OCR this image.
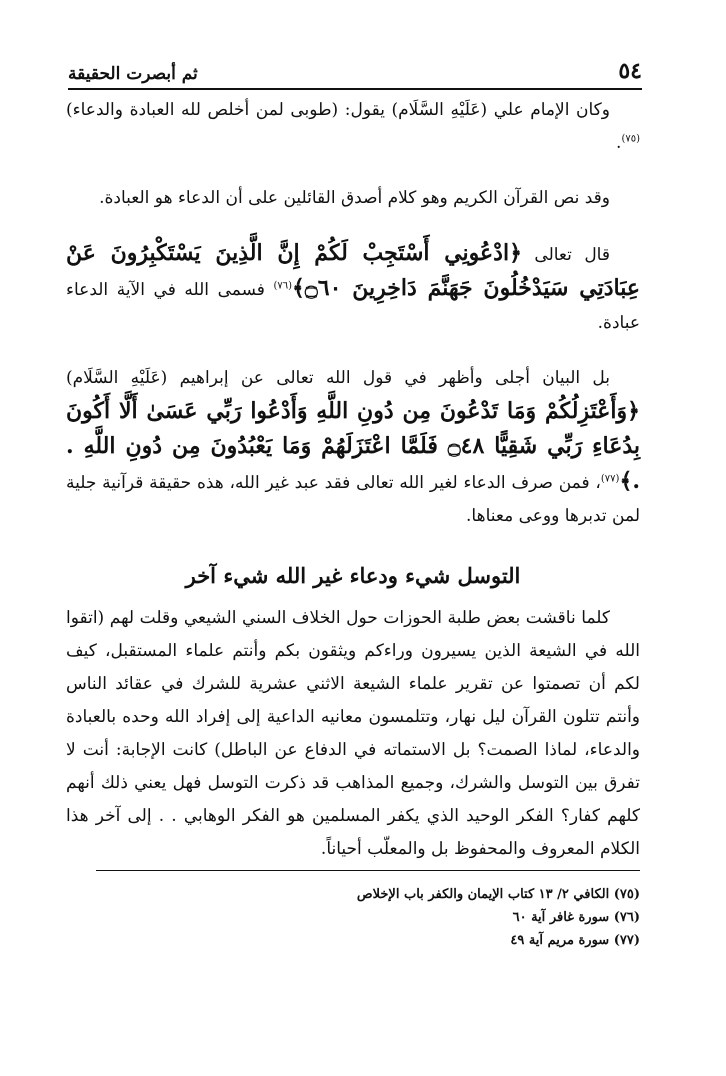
٥٤
ثم أبصرت الحقيقة

وكان الإمام علي (عَلَيْهِ السَّلَام) يقول: (طوبى لمن أخلص لله العبادة والدعاء)$^{(٧٥)}$.

وقد نص القرآن الكريم وهو كلام أصدق القائلين على أن الدعاء هو العبادة.

قال تعالى ﴿ادْعُونِي أَسْتَجِبْ لَكُمْ إِنَّ الَّذِينَ يَسْتَكْبِرُونَ عَنْ عِبَادَتِي سَيَدْخُلُونَ جَهَنَّمَ دَاخِرِينَ ۝٦٠﴾$^{(٧٦)}$ فسمى الله في الآية الدعاء عبادة.

بل البيان أجلى وأظهر في قول الله تعالى عن إبراهيم (عَلَيْهِ السَّلَام) ﴿وَأَعْتَزِلُكُمْ وَمَا تَدْعُونَ مِن دُونِ اللَّهِ وَأَدْعُوا رَبِّي عَسَىٰ أَلَّا أَكُونَ بِدُعَاءِ رَبِّي شَقِيًّا ۝٤٨ فَلَمَّا اعْتَزَلَهُمْ وَمَا يَعْبُدُونَ مِن دُونِ اللَّهِ . .﴾$^{(٧٧)}$، فمن صرف الدعاء لغير الله تعالى فقد عبد غير الله، هذه حقيقة قرآنية جلية لمن تدبرها ووعى معناها.

التوسل شيء ودعاء غير الله شيء آخر

كلما ناقشت بعض طلبة الحوزات حول الخلاف السني الشيعي وقلت لهم (اتقوا الله في الشيعة الذين يسيرون وراءكم ويثقون بكم وأنتم علماء المستقبل، كيف لكم أن تصمتوا عن تقرير علماء الشيعة الاثني عشرية للشرك في عقائد الناس وأنتم تتلون القرآن ليل نهار، وتتلمسون معانيه الداعية إلى إفراد الله وحده بالعبادة والدعاء، لماذا الصمت؟ بل الاستماته في الدفاع عن الباطل) كانت الإجابة: أنت لا تفرق بين التوسل والشرك، وجميع المذاهب قد ذكرت التوسل فهل يعني ذلك أنهم كلهم كفار؟ الفكر الوحيد الذي يكفر المسلمين هو الفكر الوهابي . . إلى آخر هذا الكلام المعروف والمحفوظ بل والمعلّب أحياناً.

(٧٥) الكافي ٢/ ١٣ كتاب الإيمان والكفر باب الإخلاص
(٧٦) سورة غافر آية ٦٠
(٧٧) سورة مريم آية ٤٩
